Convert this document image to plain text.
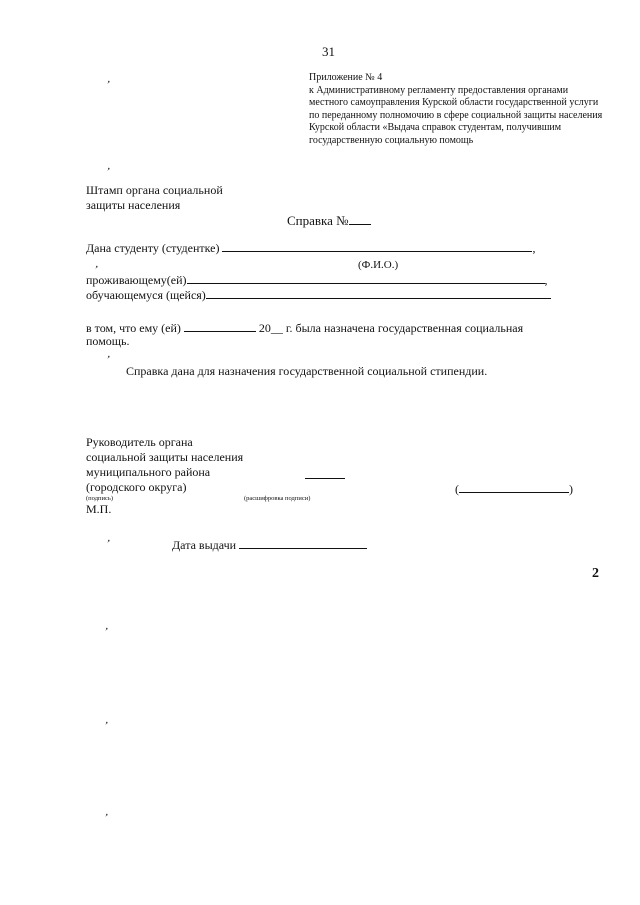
31
Приложение № 4
к Административному регламенту предоставления органами местного самоуправления Курской области государственной услуги по переданному полномочию в сфере социальной защиты населения Курской области «Выдача справок студентам, получившим государственную социальную помощь
,
,
,
,
,
,
,
,
Штамп органа социальной
защиты населения
Справка №
Дана студенту (студентке)	,
(Ф.И.О.)
проживающему(ей)	,
обучающемуся (щейся)
в том, что ему (ей)	20__ г. была назначена государственная социальная
помощь.
Справка дана для назначения государственной социальной стипендии.
Руководитель органа
социальной защиты населения
муниципального района
(городского округа)	(	)
(подпись)	(расшифровка подписи)
М.П.
Дата выдачи
2
